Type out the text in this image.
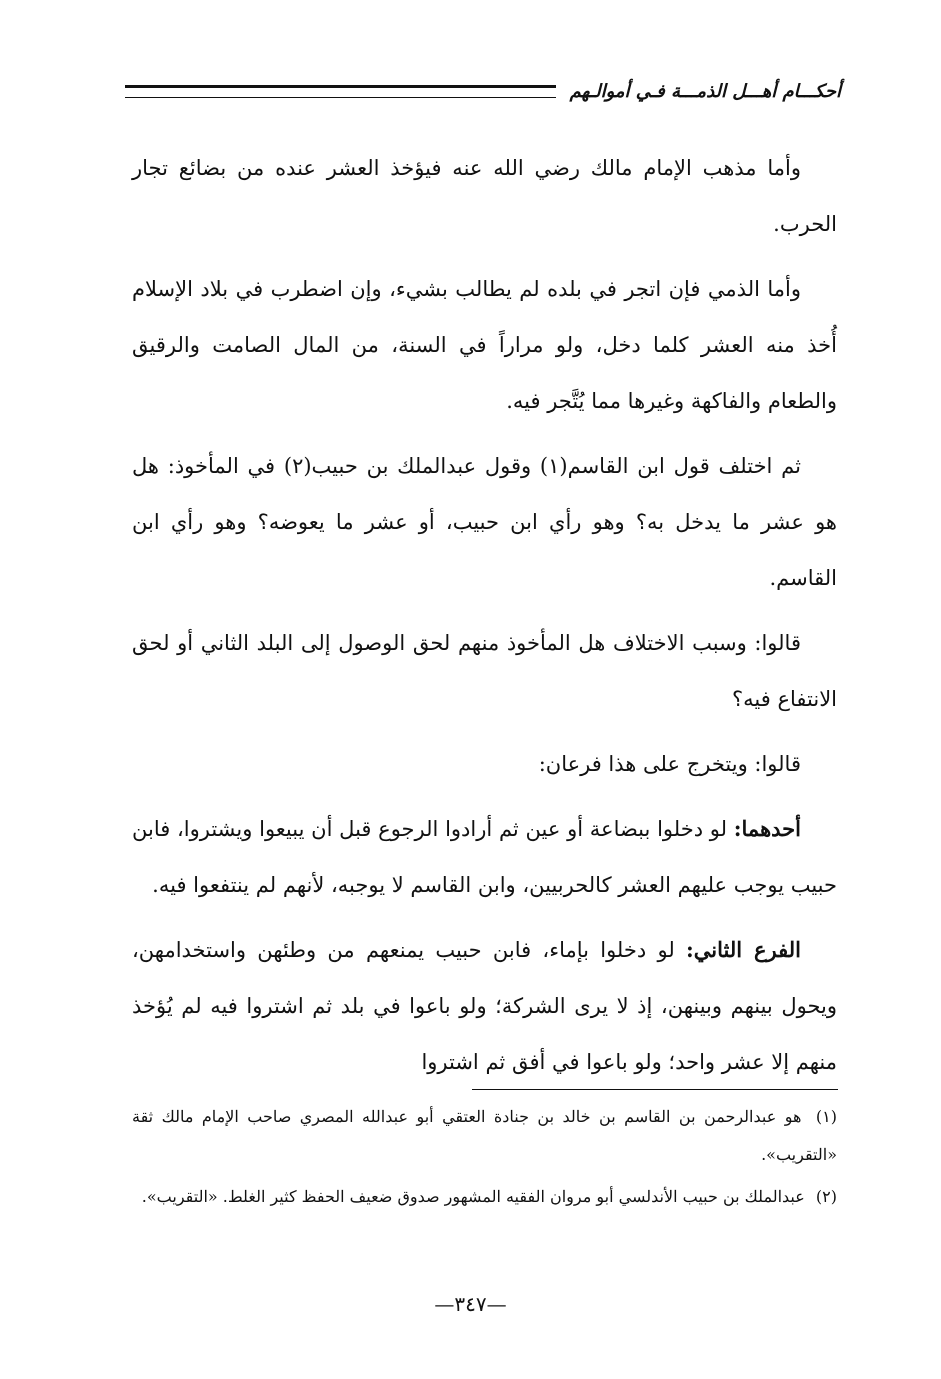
أحكـــام أهـــل الذمـــة فـي أموالـهم

وأما مذهب الإمام مالك رضي الله عنه فيؤخذ العشر عنده من بضائع تجار الحرب.

وأما الذمي فإن اتجر في بلده لم يطالب بشيء، وإن اضطرب في بلاد الإسلام أُخذ منه العشر كلما دخل، ولو مراراً في السنة، من المال الصامت والرقيق والطعام والفاكهة وغيرها مما يُتَّجر فيه.

ثم اختلف قول ابن القاسم(١) وقول عبدالملك بن حبيب(٢) في المأخوذ: هل هو عشر ما يدخل به؟ وهو رأي ابن حبيب، أو عشر ما يعوضه؟ وهو رأي ابن القاسم.

قالوا: وسبب الاختلاف هل المأخوذ منهم لحق الوصول إلى البلد الثاني أو لحق الانتفاع فيه؟

قالوا: ويتخرج على هذا فرعان:

أحدهما: لو دخلوا ببضاعة أو عين ثم أرادوا الرجوع قبل أن يبيعوا ويشتروا، فابن حبيب يوجب عليهم العشر كالحربيين، وابن القاسم لا يوجبه، لأنهم لم ينتفعوا فيه.

الفرع الثاني: لو دخلوا بإماء، فابن حبيب يمنعهم من وطئهن واستخدامهن، ويحول بينهم وبينهن، إذ لا يرى الشركة؛ ولو باعوا في بلد ثم اشتروا فيه لم يُؤخذ منهم إلا عشر واحد؛ ولو باعوا في أفق ثم اشتروا

(١) هو عبدالرحمن بن القاسم بن خالد بن جنادة العتقي أبو عبدالله المصري صاحب الإمام مالك ثقة «التقريب».

(٢) عبدالملك بن حبيب الأندلسي أبو مروان الفقيه المشهور صدوق ضعيف الحفظ كثير الغلط. «التقريب».

—٣٤٧—
